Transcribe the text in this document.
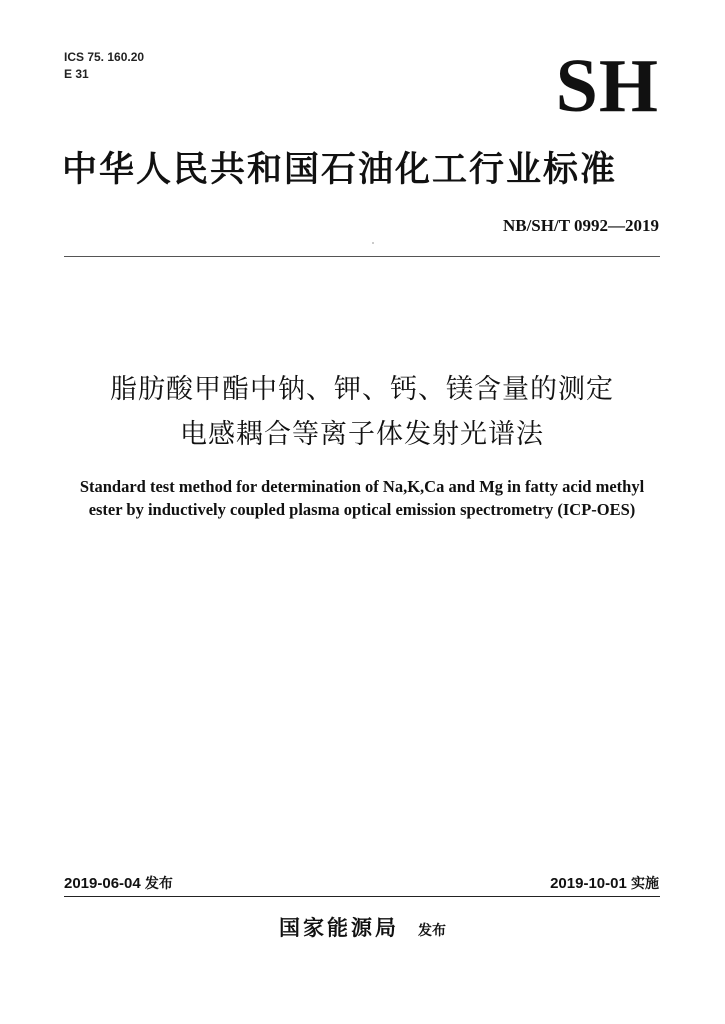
ICS 75. 160.20
E 31	SH
中华人民共和国石油化工行业标准
NB/SH/T 0992—2019
脂肪酸甲酯中钠、钾、钙、镁含量的测定
电感耦合等离子体发射光谱法
Standard test method for determination of Na,K,Ca and Mg in fatty acid methyl
ester by inductively coupled plasma optical emission spectrometry (ICP-OES)
2019-06-04 发布	2019-10-01 实施
国家能源局 发布
